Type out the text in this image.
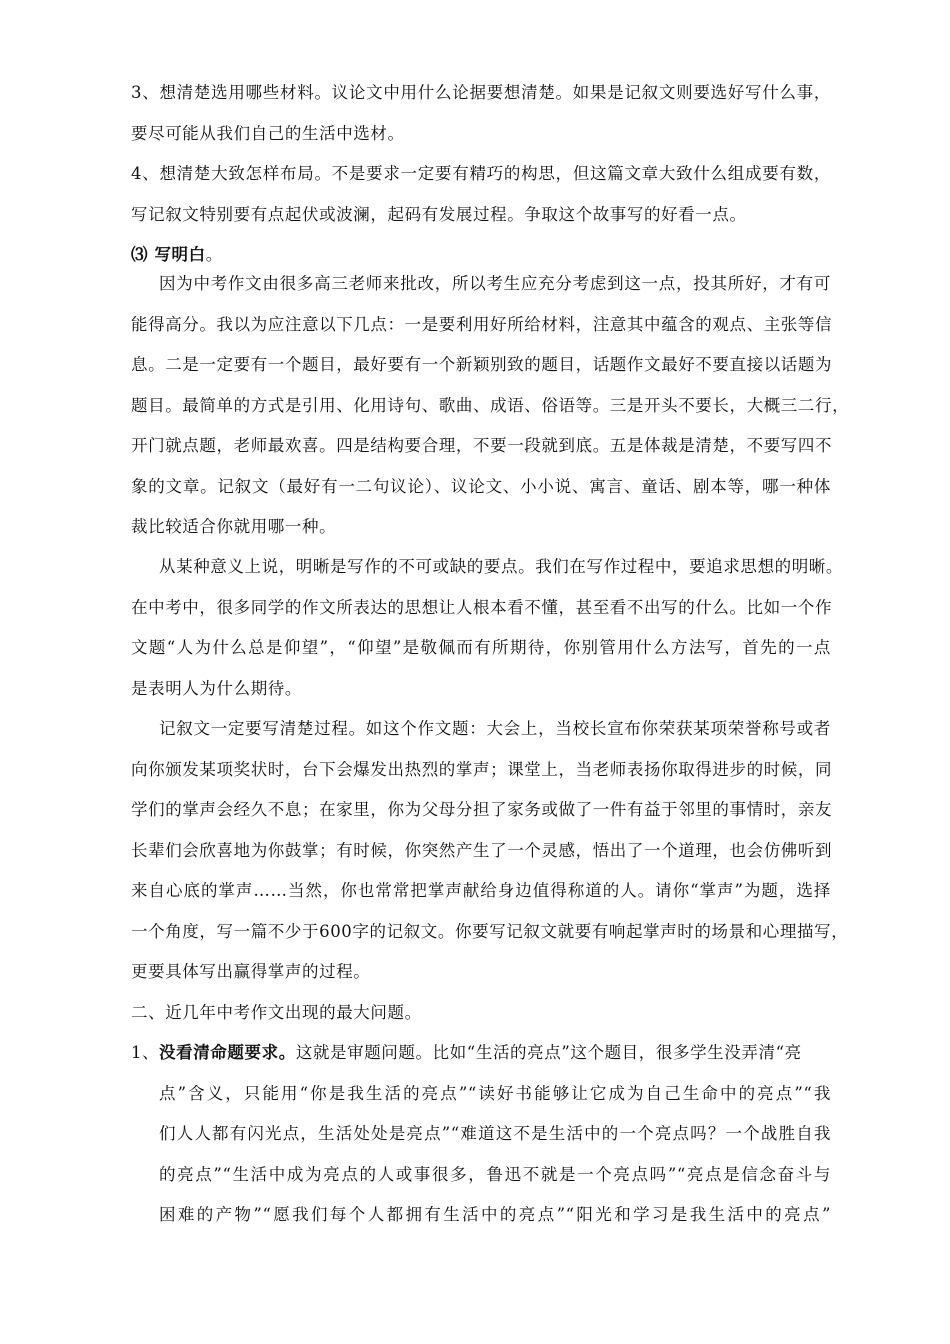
3、想清楚选用哪些材料。议论文中用什么论据要想清楚。如果是记叙文则要选好写什么事，
要尽可能从我们自己的生活中选材。
4、想清楚大致怎样布局。不是要求一定要有精巧的构思，但这篇文章大致什么组成要有数，
写记叙文特别要有点起伏或波澜，起码有发展过程。争取这个故事写的好看一点。
⑶ 写明白。
因为中考作文由很多高三老师来批改，所以考生应充分考虑到这一点，投其所好，才有可
能得高分。我以为应注意以下几点：一是要利用好所给材料，注意其中蕴含的观点、主张等信
息。二是一定要有一个题目，最好要有一个新颖别致的题目，话题作文最好不要直接以话题为
题目。最简单的方式是引用、化用诗句、歌曲、成语、俗语等。三是开头不要长，大概三二行，
开门就点题，老师最欢喜。四是结构要合理，不要一段就到底。五是体裁是清楚，不要写四不
象的文章。记叙文（最好有一二句议论）、议论文、小小说、寓言、童话、剧本等，哪一种体
裁比较适合你就用哪一种。
从某种意义上说，明晰是写作的不可或缺的要点。我们在写作过程中，要追求思想的明晰。
在中考中，很多同学的作文所表达的思想让人根本看不懂，甚至看不出写的什么。比如一个作
文题“人为什么总是仰望”，“仰望”是敬佩而有所期待，你别管用什么方法写，首先的一点
是表明人为什么期待。
记叙文一定要写清楚过程。如这个作文题：大会上，当校长宣布你荣获某项荣誉称号或者
向你颁发某项奖状时，台下会爆发出热烈的掌声；课堂上，当老师表扬你取得进步的时候，同
学们的掌声会经久不息；在家里，你为父母分担了家务或做了一件有益于邻里的事情时，亲友
长辈们会欣喜地为你鼓掌；有时候，你突然产生了一个灵感，悟出了一个道理，也会仿佛听到
来自心底的掌声……当然，你也常常把掌声献给身边值得称道的人。请你“掌声”为题，选择
一个角度，写一篇不少于600字的记叙文。你要写记叙文就要有响起掌声时的场景和心理描写，
更要具体写出赢得掌声的过程。
二、近几年中考作文出现的最大问题。
1、没看清命题要求。这就是审题问题。比如“生活的亮点”这个题目，很多学生没弄清“亮
点”含义，只能用“你是我生活的亮点”“读好书能够让它成为自己生命中的亮点”“我
们人人都有闪光点，生活处处是亮点”“难道这不是生活中的一个亮点吗？一个战胜自我
的亮点”“生活中成为亮点的人或事很多，鲁迅不就是一个亮点吗”“亮点是信念奋斗与
困难的产物”“愿我们每个人都拥有生活中的亮点”“阳光和学习是我生活中的亮点”
